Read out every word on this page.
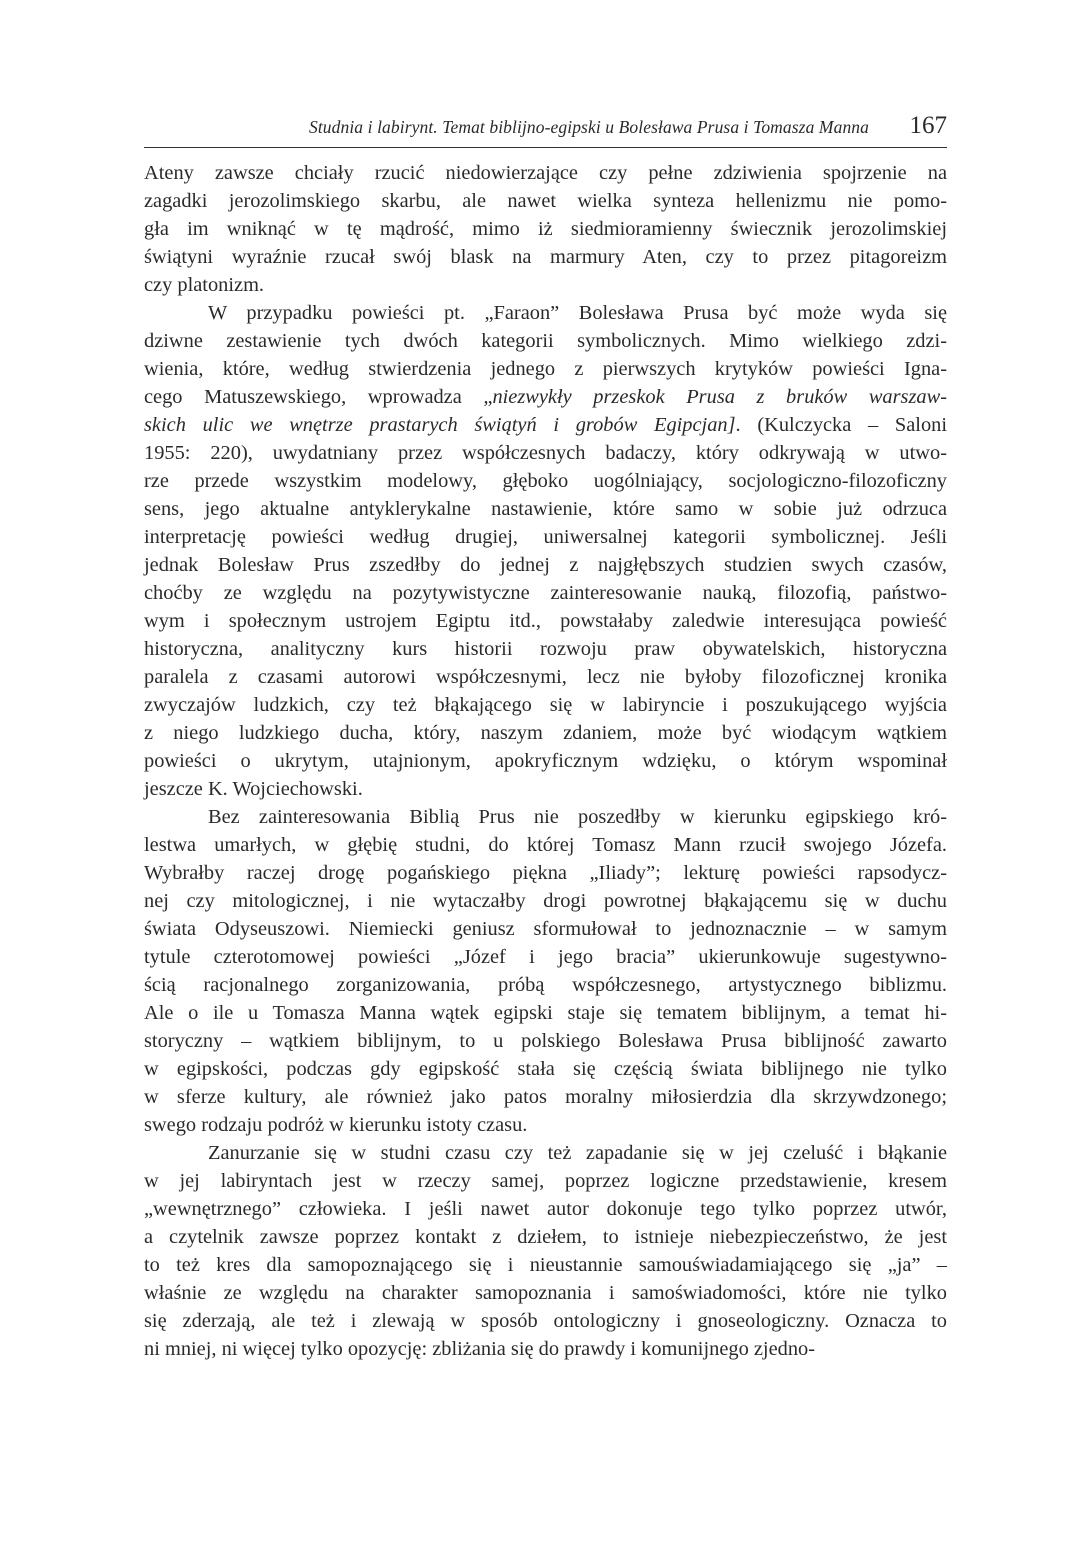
Studnia i labirynt. Temat biblijno-egipski u Bolesława Prusa i Tomasza Manna 167
Ateny zawsze chciały rzucić niedowierzające czy pełne zdziwienia spojrzenie na
zagadki jerozolimskiego skarbu, ale nawet wielka synteza hellenizmu nie pomo-
gła im wniknąć w tę mądrość, mimo iż siedmioramienny świecznik jerozolimskiej
świątyni wyraźnie rzucał swój blask na marmury Aten, czy to przez pitagoreizm
czy platonizm.
W przypadku powieści pt. „Faraon” Bolesława Prusa być może wyda się
dziwne zestawienie tych dwóch kategorii symbolicznych. Mimo wielkiego zdzi-
wienia, które, według stwierdzenia jednego z pierwszych krytyków powieści Igna-
cego Matuszewskiego, wprowadza „niezwykły przeskok Prusa z bruków warszaw-
skich ulic we wnętrze prastarych świątyń i grobów Egipcjan]. (Kulczycka – Saloni
1955: 220), uwydatniany przez współczesnych badaczy, który odkrywają w utwo-
rze przede wszystkim modelowy, głęboko uogólniający, socjologiczno-filozoficzny
sens, jego aktualne antyklerykalne nastawienie, które samo w sobie już odrzuca
interpretację powieści według drugiej, uniwersalnej kategorii symbolicznej. Jeśli
jednak Bolesław Prus zszedłby do jednej z najgłębszych studzien swych czasów,
choćby ze względu na pozytywistyczne zainteresowanie nauką, filozofią, państwo-
wym i społecznym ustrojem Egiptu itd., powstałaby zaledwie interesująca powieść
historyczna, analityczny kurs historii rozwoju praw obywatelskich, historyczna
paralela z czasami autorowi współczesnymi, lecz nie byłoby filozoficznej kronika
zwyczajów ludzkich, czy też błąkającego się w labiryncie i poszukującego wyjścia
z niego ludzkiego ducha, który, naszym zdaniem, może być wiodącym wątkiem
powieści o ukrytym, utajnionym, apokryficznym wdzięku, o którym wspominał
jeszcze K. Wojciechowski.
Bez zainteresowania Biblią Prus nie poszedłby w kierunku egipskiego kró-
lestwa umarłych, w głębię studni, do której Tomasz Mann rzucił swojego Józefa.
Wybrałby raczej drogę pogańskiego piękna „Iliady”; lekturę powieści rapsodycz-
nej czy mitologicznej, i nie wytaczałby drogi powrotnej błąkającemu się w duchu
świata Odyseuszowi. Niemiecki geniusz sformułował to jednoznacznie – w samym
tytule czterotomowej powieści „Józef i jego bracia” ukierunkowuje sugestywno-
ścią racjonalnego zorganizowania, próbą współczesnego, artystycznego biblizmu.
Ale o ile u Tomasza Manna wątek egipski staje się tematem biblijnym, a temat hi-
storyczny – wątkiem biblijnym, to u polskiego Bolesława Prusa biblijność zawarto
w egipskości, podczas gdy egipskość stała się częścią świata biblijnego nie tylko
w sferze kultury, ale również jako patos moralny miłosierdzia dla skrzywdzonego;
swego rodzaju podróż w kierunku istoty czasu.
Zanurzanie się w studni czasu czy też zapadanie się w jej czeluść i błąkanie
w jej labiryntach jest w rzeczy samej, poprzez logiczne przedstawienie, kresem
„wewnętrznego” człowieka. I jeśli nawet autor dokonuje tego tylko poprzez utwór,
a czytelnik zawsze poprzez kontakt z dziełem, to istnieje niebezpieczeństwo, że jest
to też kres dla samopoznającego się i nieustannie samouświadamiającego się „ja” –
właśnie ze względu na charakter samopoznania i samoświadomości, które nie tylko
się zderzają, ale też i zlewają w sposób ontologiczny i gnoseologiczny. Oznacza to
ni mniej, ni więcej tylko opozycję: zbliżania się do prawdy i komunijnego zjedno-
